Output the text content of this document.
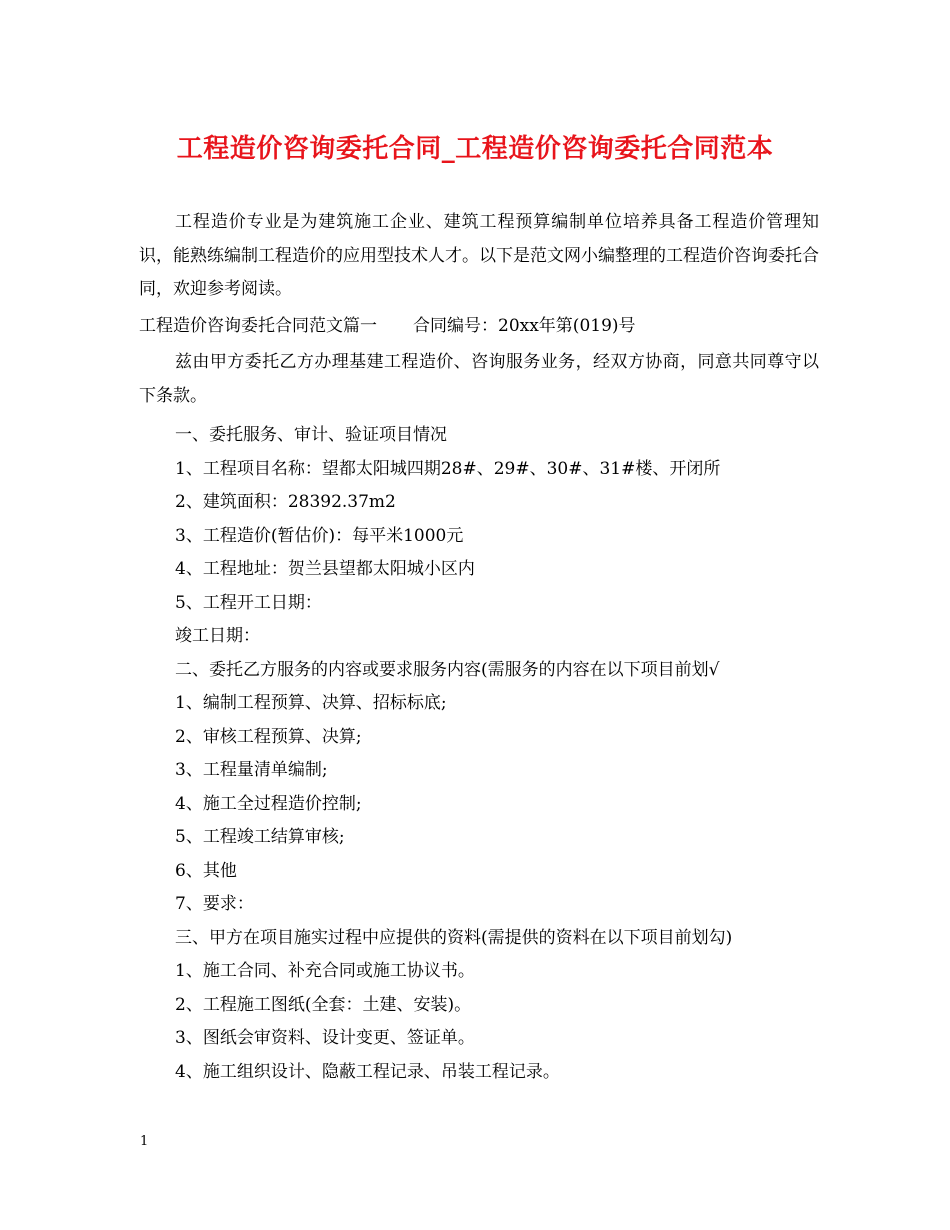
工程造价咨询委托合同_工程造价咨询委托合同范本
工程造价专业是为建筑施工企业、建筑工程预算编制单位培养具备工程造价管理知识，能熟练编制工程造价的应用型技术人才。以下是范文网小编整理的工程造价咨询委托合同，欢迎参考阅读。
工程造价咨询委托合同范文篇一 合同编号：20xx年第(019)号
兹由甲方委托乙方办理基建工程造价、咨询服务业务，经双方协商，同意共同尊守以下条款。
一、委托服务、审计、验证项目情况
1、工程项目名称：望都太阳城四期28#、29#、30#、31#楼、开闭所
2、建筑面积：28392.37m2
3、工程造价(暂估价)：每平米1000元
4、工程地址：贺兰县望都太阳城小区内
5、工程开工日期：
竣工日期：
二、委托乙方服务的内容或要求服务内容(需服务的内容在以下项目前划√
1、编制工程预算、决算、招标标底;
2、审核工程预算、决算;
3、工程量清单编制;
4、施工全过程造价控制;
5、工程竣工结算审核;
6、其他
7、要求：
三、甲方在项目施实过程中应提供的资料(需提供的资料在以下项目前划勾)
1、施工合同、补充合同或施工协议书。
2、工程施工图纸(全套：土建、安装)。
3、图纸会审资料、设计变更、签证单。
4、施工组织设计、隐蔽工程记录、吊装工程记录。
1
